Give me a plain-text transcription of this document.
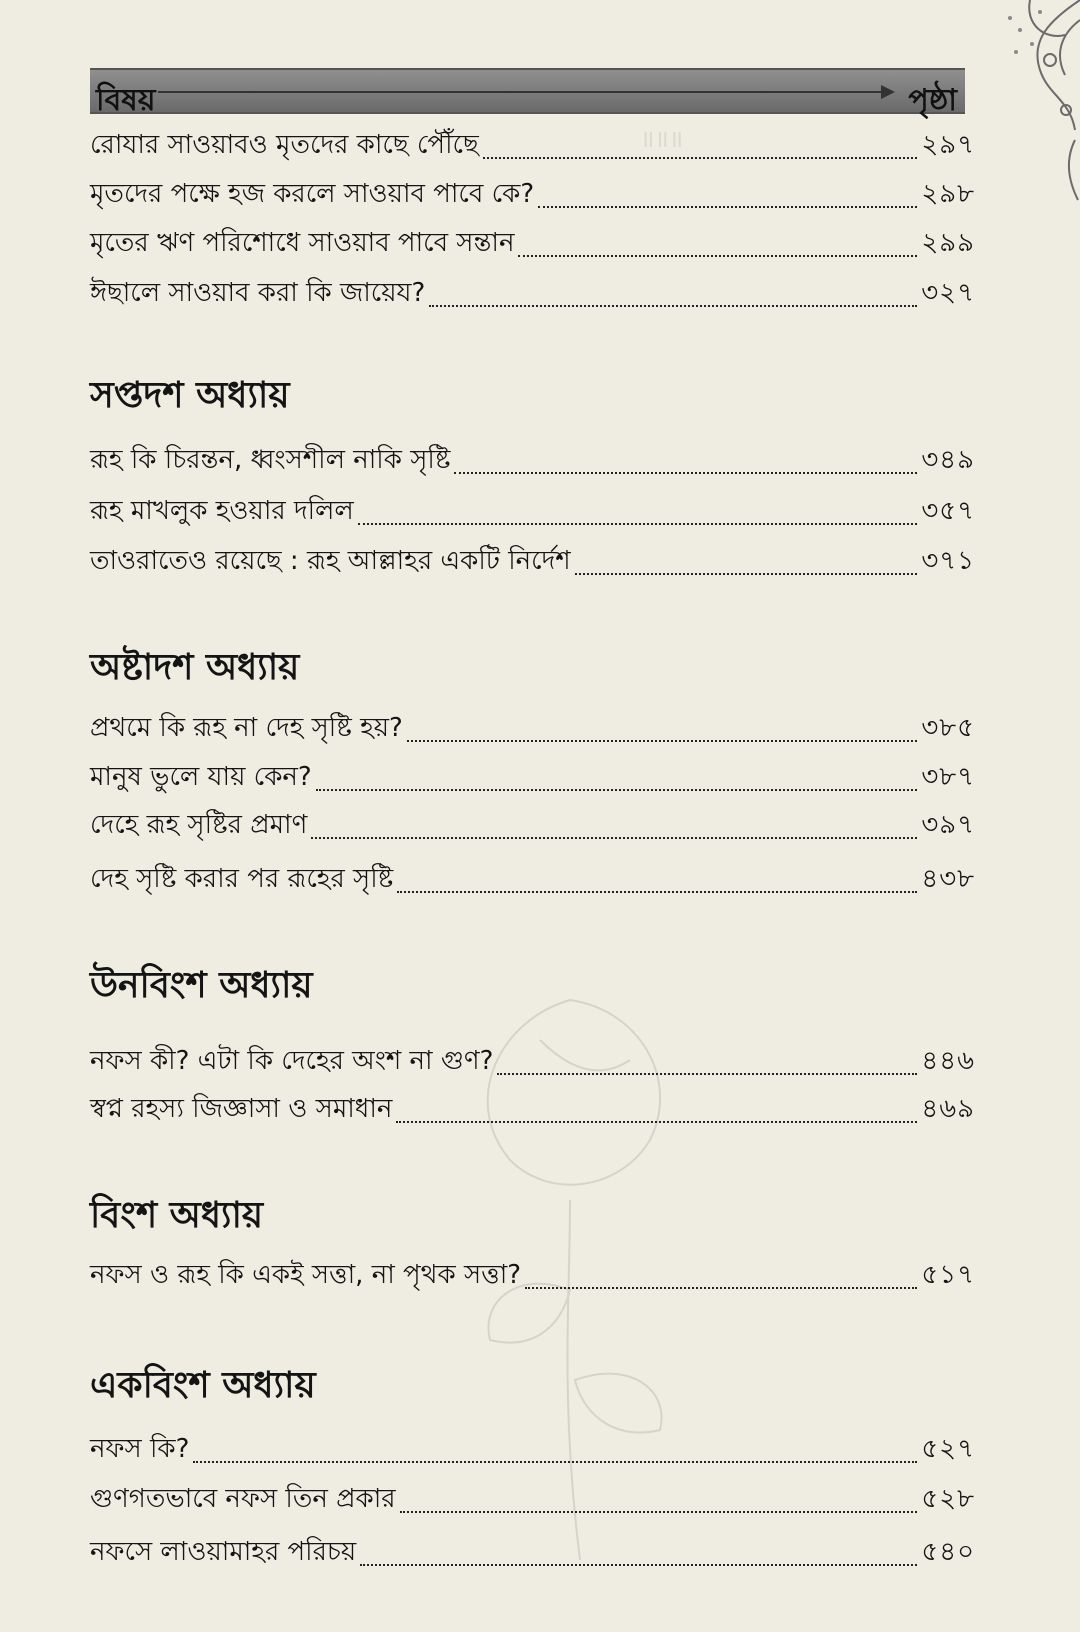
॥॥॥
বিষয়	পৃষ্ঠা
রোযার সাওয়াবও মৃতদের কাছে পৌঁছে	২৯৭
মৃতদের পক্ষে হজ করলে সাওয়াব পাবে কে?	২৯৮
মৃতের ঋণ পরিশোধে সাওয়াব পাবে সন্তান	২৯৯
ঈছালে সাওয়াব করা কি জায়েয?	৩২৭
সপ্তদশ অধ্যায়
রূহ কি চিরন্তন, ধ্বংসশীল নাকি সৃষ্টি	৩৪৯
রূহ মাখলুক হওয়ার দলিল	৩৫৭
তাওরাতেও রয়েছে : রূহ আল্লাহর একটি নির্দেশ	৩৭১
অষ্টাদশ অধ্যায়
প্রথমে কি রূহ না দেহ সৃষ্টি হয়?	৩৮৫
মানুষ ভুলে যায় কেন?	৩৮৭
দেহে রূহ সৃষ্টির প্রমাণ	৩৯৭
দেহ সৃষ্টি করার পর রূহের সৃষ্টি	৪৩৮
উনবিংশ অধ্যায়
নফস কী? এটা কি দেহের অংশ না গুণ?	৪৪৬
স্বপ্ন রহস্য জিজ্ঞাসা ও সমাধান	৪৬৯
বিংশ অধ্যায়
নফস ও রূহ কি একই সত্তা, না পৃথক সত্তা?	৫১৭
একবিংশ অধ্যায়
নফস কি?	৫২৭
গুণগতভাবে নফস তিন প্রকার	৫২৮
নফসে লাওয়ামাহর পরিচয়	৫৪০
